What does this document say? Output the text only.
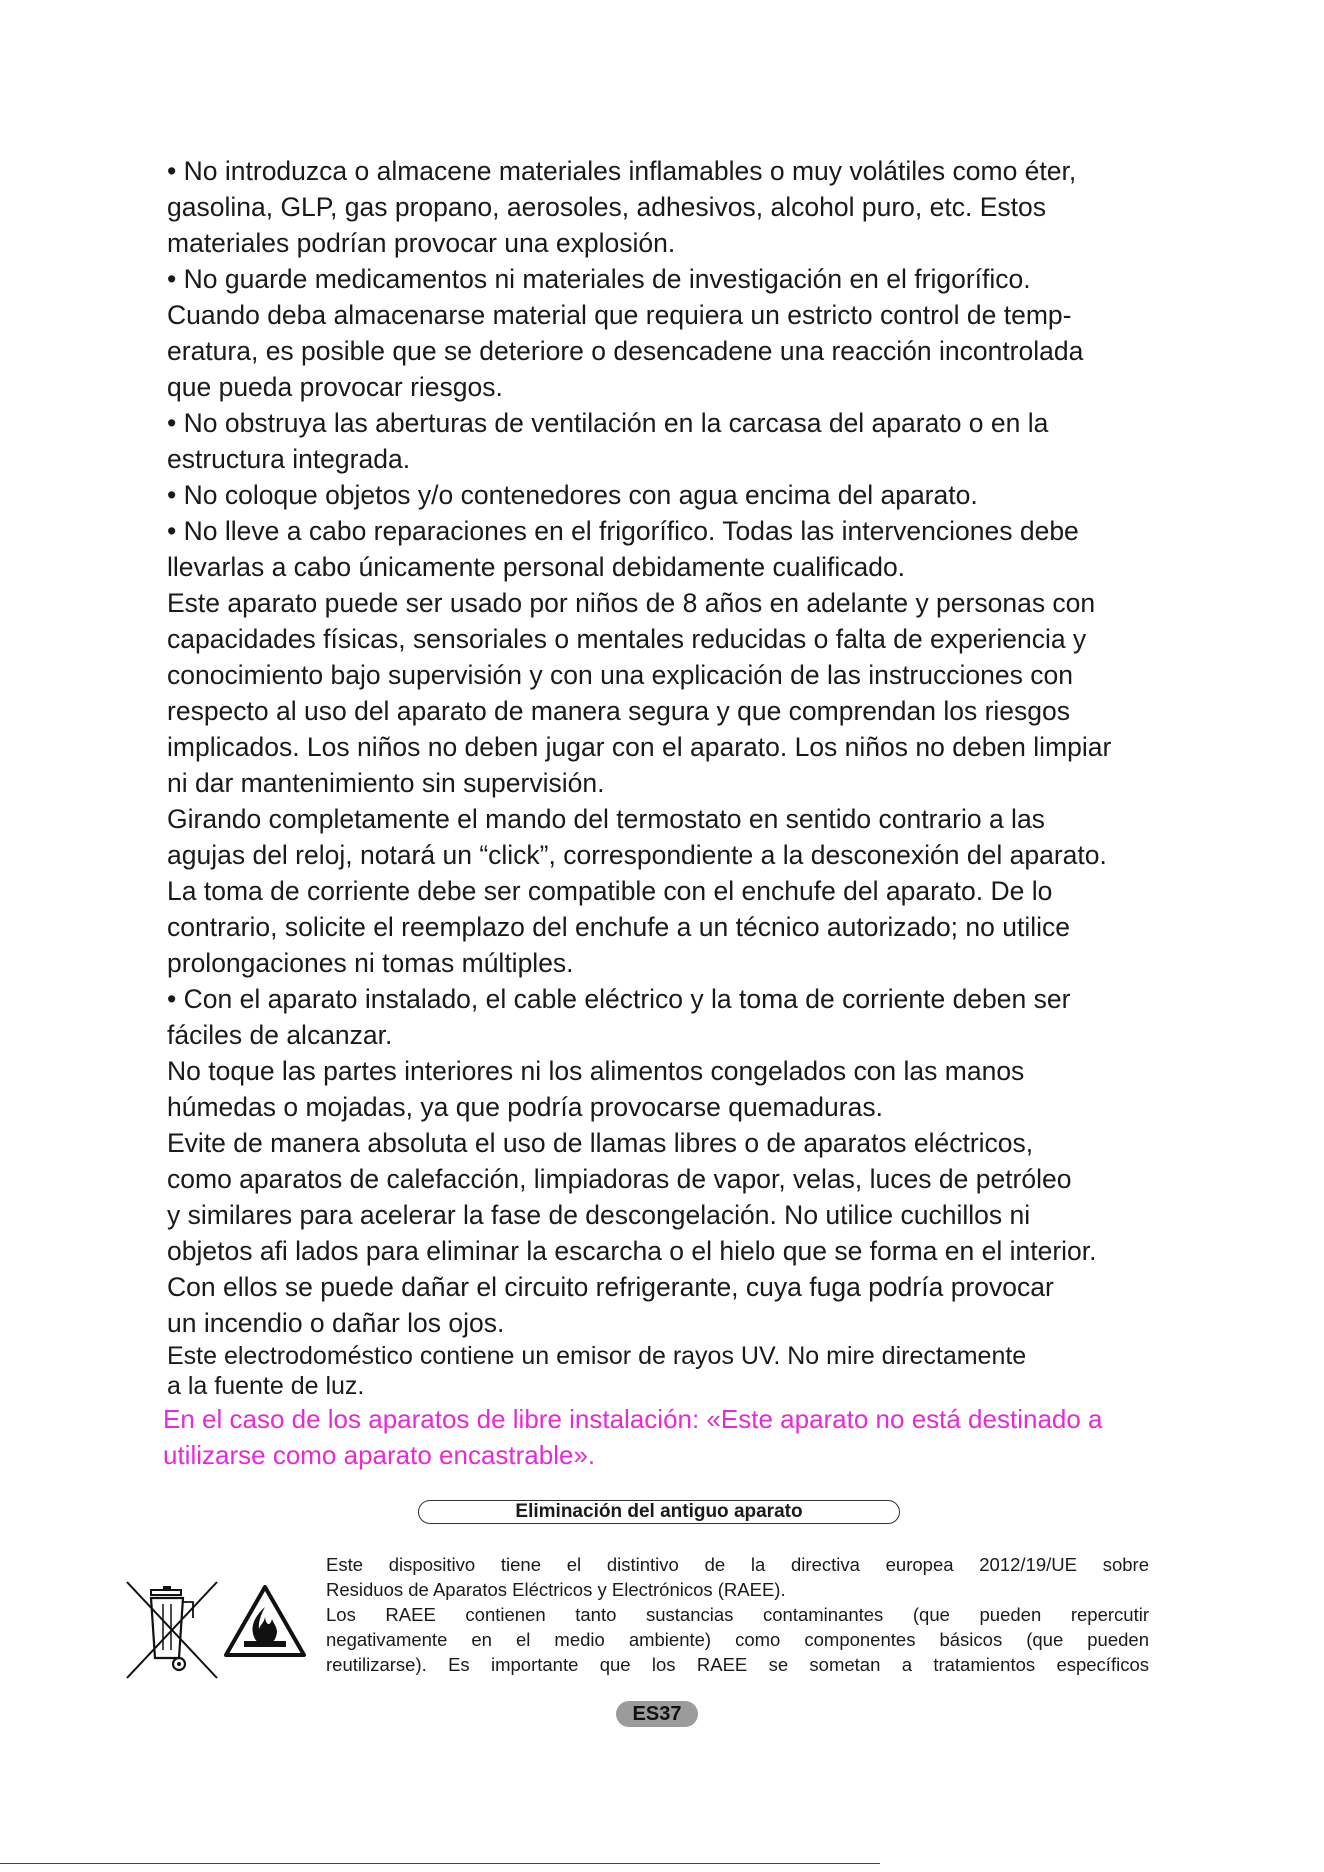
• No introduzca o almacene materiales inflamables o muy volátiles como éter,

gasolina, GLP, gas propano, aerosoles, adhesivos, alcohol puro, etc. Estos

materiales podrían provocar una explosión.

• No guarde medicamentos ni materiales de investigación en el frigorífico.

Cuando deba almacenarse material que requiera un estricto control de temp-

eratura, es posible que se deteriore o desencadene una reacción incontrolada

que pueda provocar riesgos.

• No obstruya las aberturas de ventilación en la carcasa del aparato o en la

estructura integrada.

• No coloque objetos y/o contenedores con agua encima del aparato.

• No lleve a cabo reparaciones en el frigorífico. Todas las intervenciones debe

llevarlas a cabo únicamente personal debidamente cualificado.

Este aparato puede ser usado por niños de 8 años en adelante y personas con

capacidades físicas, sensoriales o mentales reducidas o falta de experiencia y

conocimiento bajo supervisión y con una explicación de las instrucciones con

respecto al uso del aparato de manera segura y que comprendan los riesgos

implicados. Los niños no deben jugar con el aparato. Los niños no deben limpiar

ni dar mantenimiento sin supervisión.

Girando completamente el mando del termostato en sentido contrario a las

agujas del reloj, notará un “click”, correspondiente a la desconexión del aparato.

La toma de corriente debe ser compatible con el enchufe del aparato. De lo

contrario, solicite el reemplazo del enchufe a un técnico autorizado; no utilice

prolongaciones ni tomas múltiples.

• Con el aparato instalado, el cable eléctrico y la toma de corriente deben ser

fáciles de alcanzar.

No toque las partes interiores ni los alimentos congelados con las manos

húmedas o mojadas, ya que podría provocarse quemaduras.

Evite de manera absoluta el uso de llamas libres o de aparatos eléctricos,

como aparatos de calefacción, limpiadoras de vapor, velas, luces de petróleo

y similares para acelerar la fase de descongelación. No utilice cuchillos ni

objetos afi lados para eliminar la escarcha o el hielo que se forma en el interior.

Con ellos se puede dañar el circuito refrigerante, cuya fuga podría provocar

un incendio o dañar los ojos.

Este electrodoméstico contiene un emisor de rayos UV. No mire directamente

a la fuente de luz.

En el caso de los aparatos de libre instalación: «Este aparato no está destinado a

utilizarse como aparato encastrable».

Eliminación del antiguo aparato

Este dispositivo tiene el distintivo de la directiva europea 2012/19/UE sobre

Residuos de Aparatos Eléctricos y Electrónicos (RAEE).

Los RAEE contienen tanto sustancias contaminantes (que pueden repercutir

negativamente en el medio ambiente) como componentes básicos (que pueden

reutilizarse). Es importante que los RAEE se sometan a tratamientos específicos

ES37
